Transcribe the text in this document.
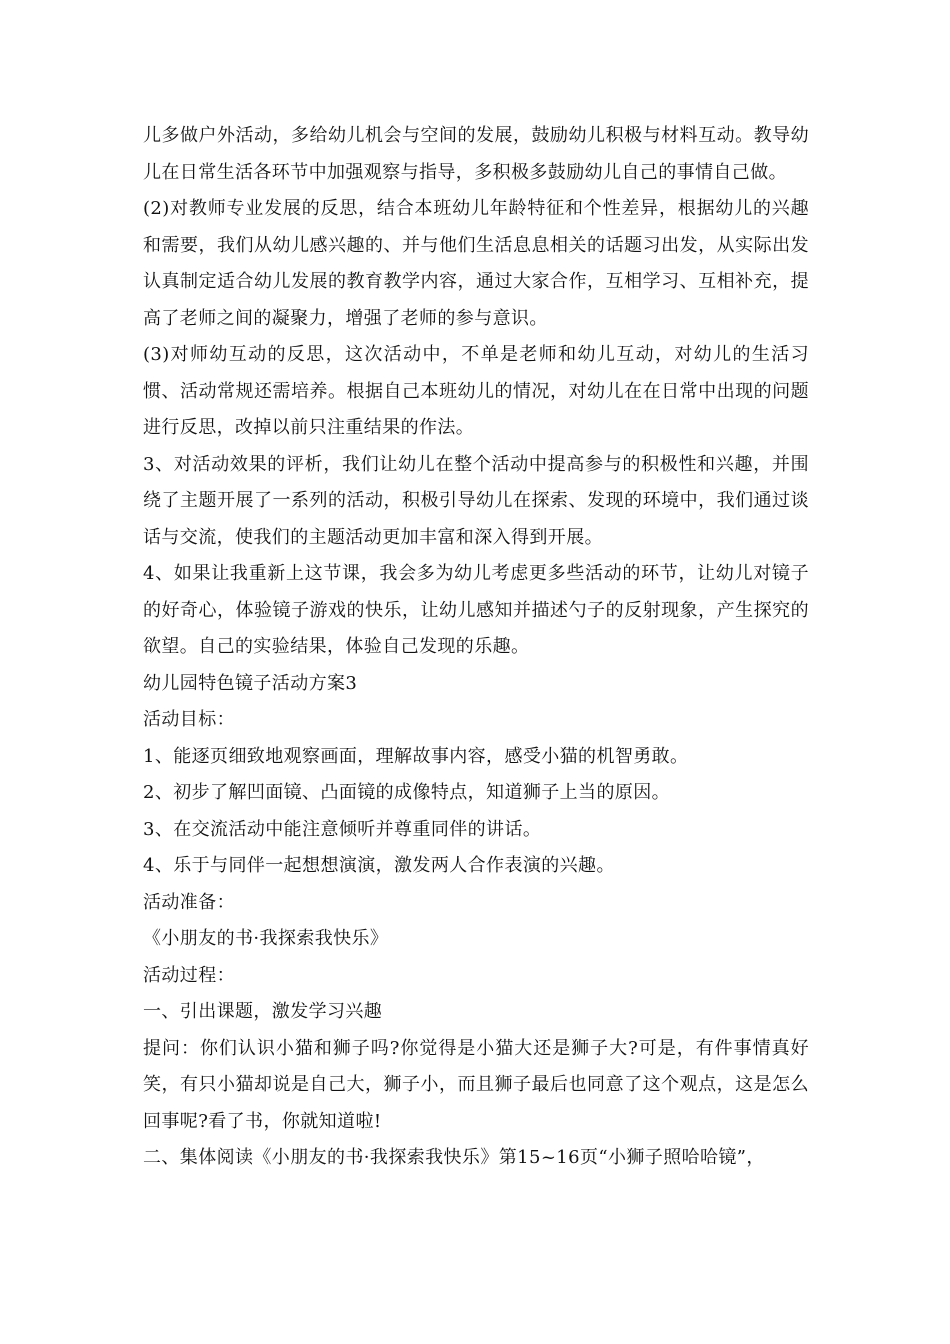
儿多做户外活动，多给幼儿机会与空间的发展，鼓励幼儿积极与材料互动。教导幼儿在日常生活各环节中加强观察与指导，多积极多鼓励幼儿自己的事情自己做。

(2)对教师专业发展的反思，结合本班幼儿年龄特征和个性差异，根据幼儿的兴趣和需要，我们从幼儿感兴趣的、并与他们生活息息相关的话题习出发，从实际出发认真制定适合幼儿发展的教育教学内容，通过大家合作，互相学习、互相补充，提高了老师之间的凝聚力，增强了老师的参与意识。

(3)对师幼互动的反思，这次活动中，不单是老师和幼儿互动，对幼儿的生活习惯、活动常规还需培养。根据自己本班幼儿的情况，对幼儿在在日常中出现的问题进行反思，改掉以前只注重结果的作法。

3、对活动效果的评析，我们让幼儿在整个活动中提高参与的积极性和兴趣，并围绕了主题开展了一系列的活动，积极引导幼儿在探索、发现的环境中，我们通过谈话与交流，使我们的主题活动更加丰富和深入得到开展。

4、如果让我重新上这节课，我会多为幼儿考虑更多些活动的环节，让幼儿对镜子的好奇心，体验镜子游戏的快乐，让幼儿感知并描述勺子的反射现象，产生探究的欲望。自己的实验结果，体验自己发现的乐趣。

幼儿园特色镜子活动方案3

活动目标：

1、能逐页细致地观察画面，理解故事内容，感受小猫的机智勇敢。

2、初步了解凹面镜、凸面镜的成像特点，知道狮子上当的原因。

3、在交流活动中能注意倾听并尊重同伴的讲话。

4、乐于与同伴一起想想演演，激发两人合作表演的兴趣。

活动准备：

《小朋友的书·我探索我快乐》

活动过程：

一、引出课题，激发学习兴趣

提问：你们认识小猫和狮子吗?你觉得是小猫大还是狮子大?可是，有件事情真好笑，有只小猫却说是自己大，狮子小，而且狮子最后也同意了这个观点，这是怎么回事呢?看了书，你就知道啦!

二、集体阅读《小朋友的书·我探索我快乐》第15~16页“小狮子照哈哈镜”，
